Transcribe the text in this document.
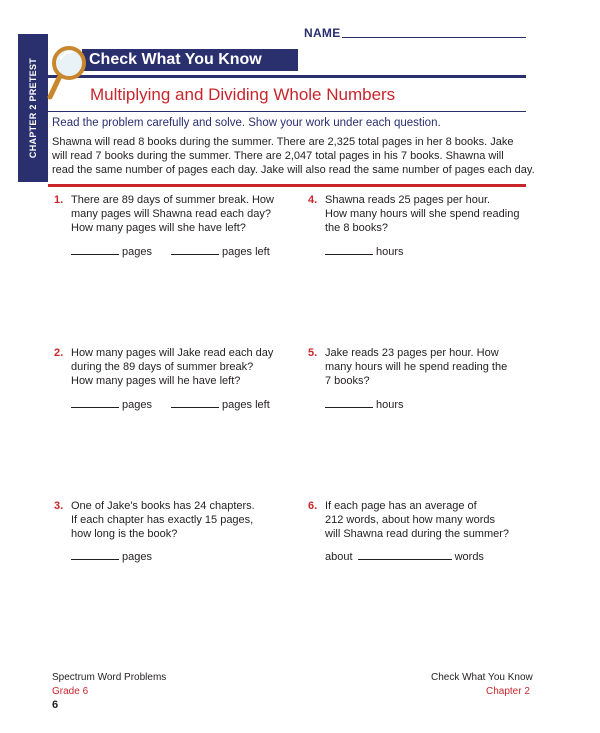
NAME
CHAPTER 2 PRETEST	Check What You Know
Multiplying and Dividing Whole Numbers
Read the problem carefully and solve. Show your work under each question.
Shawna will read 8 books during the summer. There are 2,325 total pages in her 8 books. Jake
will read 7 books during the summer. There are 2,047 total pages in his 7 books. Shawna will
read the same number of pages each day. Jake will also read the same number of pages each day.
1. There are 89 days of summer break. How
many pages will Shawna read each day?
How many pages will she have left?
pages	pages left
2. How many pages will Jake read each day
during the 89 days of summer break?
How many pages will he have left?
pages	pages left
3. One of Jake's books has 24 chapters.
If each chapter has exactly 15 pages,
how long is the book?
pages
4. Shawna reads 25 pages per hour.
How many hours will she spend reading
the 8 books?
hours
5. Jake reads 23 pages per hour. How
many hours will he spend reading the
7 books?
hours
6. If each page has an average of
212 words, about how many words
will Shawna read during the summer?
about	words
Spectrum Word Problems
Grade 6
6
Check What You Know
Chapter 2
